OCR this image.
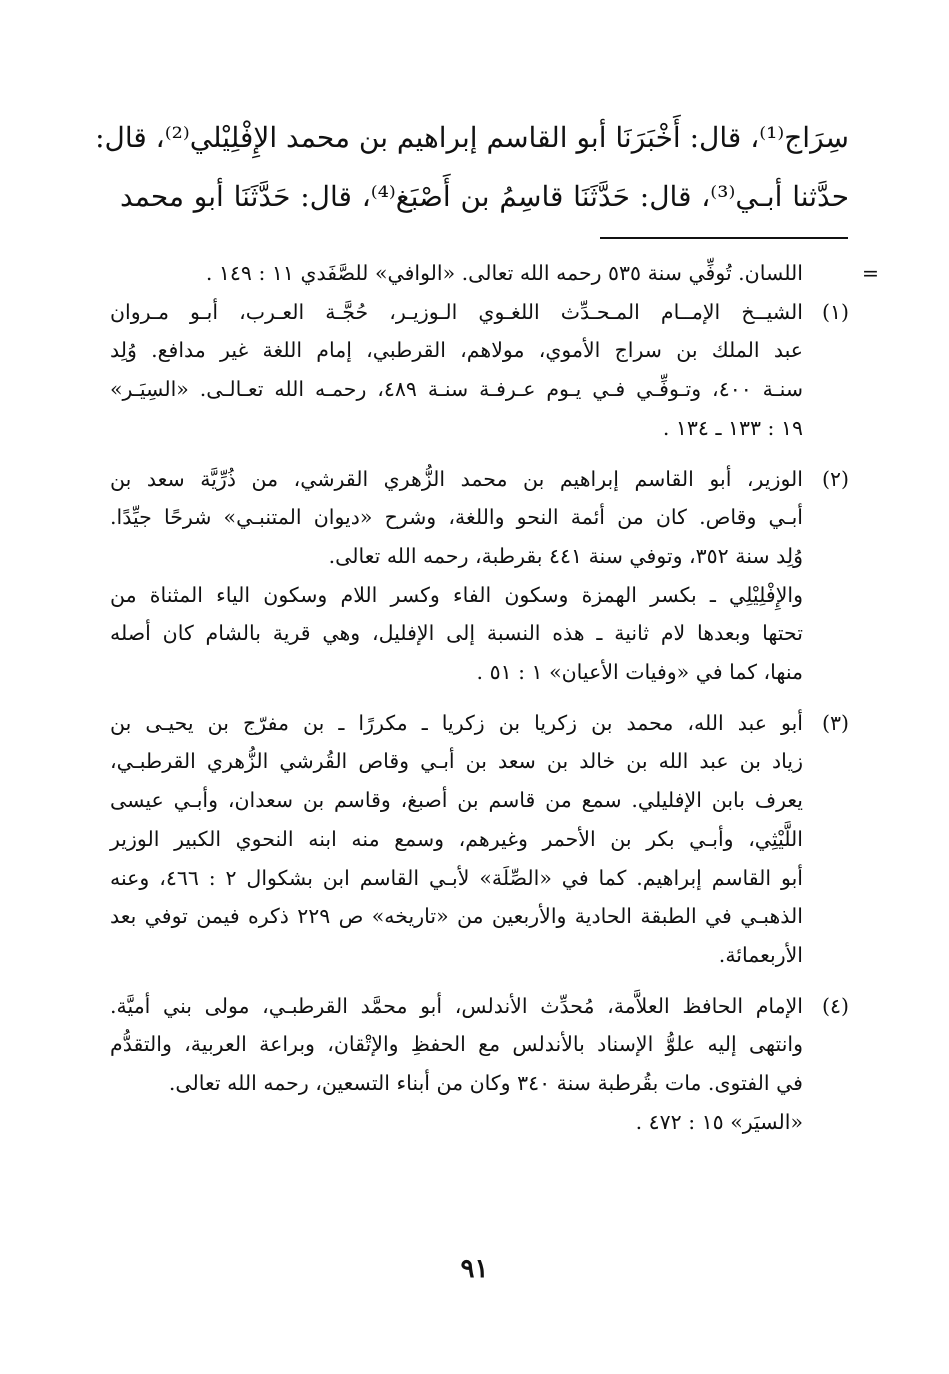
سِرَاج⁽¹⁾، قال: أَخْبَرَنَا أبو القاسم إبراهيم بن محمد الإِفْلِيْلي⁽²⁾، قال:
حدَّثنا أبـي⁽³⁾، قال: حَدَّثَنَا قاسِمُ بن أَصْبَغ⁽⁴⁾، قال: حَدَّثَنَا أبو محمد
=
اللسان. تُوفِّي سنة ٥٣٥ رحمه الله تعالى. «الوافي» للصَّفَدي ١١ : ١٤٩ .
(١)
الشيــخ الإمــام المـحـدِّث اللغـوي الـوزيـر، حُجَّـة العـرب، أبـو مـروان
عبد الملك بن سراج الأموي، مولاهم، القرطبي، إمام اللغة غير مدافع. وُلِد
سنـة ٤٠٠، وتـوفِّـي فـي يـوم عـرفـة سنـة ٤٨٩، رحمـه الله تعـالـى. «السِيَـر»
١٩ : ١٣٣ ـ ١٣٤ .
(٢)
الوزير، أبو القاسم إبراهيم بن محمد الزُّهري القرشي، من ذُرِّيَّة سعد بن
أبـي وقاص. كان من أئمة النحو واللغة، وشرح «ديوان المتنبـي» شرحًا جيِّدًا.
وُلِد سنة ٣٥٢، وتوفي سنة ٤٤١ بقرطبة، رحمه الله تعالى.
والإِفْلِيْلِي ـ بكسر الهمزة وسكون الفاء وكسر اللام وسكون الياء المثناة من
تحتها وبعدها لام ثانية ـ هذه النسبة إلى الإفليل، وهي قرية بالشام كان أصله
منها، كما في «وفيات الأعيان» ١ : ٥١ .
(٣)
أبو عبد الله، محمد بن زكريا بن زكريا ـ مكررًا ـ بن مفرّج بن يحيـى بن
زياد بن عبد الله بن خالد بن سعد بن أبـي وقاص القُرشي الزُّهري القرطبـي،
يعرف بابن الإفليلي. سمع من قاسم بن أصبغ، وقاسم بن سعدان، وأبـي عيسى
اللَّيْثِي، وأبـي بكر بن الأحمر وغيرهم، وسمع منه ابنه النحوي الكبير الوزير
أبو القاسم إبراهيم. كما في «الصِّلَة» لأبـي القاسم ابن بشكوال ٢ : ٤٦٦، وعنه
الذهبـي في الطبقة الحادية والأربعين من «تاريخه» ص ٢٢٩ ذكره فيمن توفي بعد
الأربعمائة.
(٤)
الإمام الحافظ العلاَّمة، مُحدِّث الأندلس، أبو محمَّد القرطبـي، مولى بني أميَّة.
وانتهى إليه علوُّ الإسناد بالأندلس مع الحفظِ والإتْقان، وبراعة العربية، والتقدُّم
في الفتوى. مات بقُرطبة سنة ٣٤٠ وكان من أبناء التسعين، رحمه الله تعالى.
«السيَر» ١٥ : ٤٧٢ .
٩١
